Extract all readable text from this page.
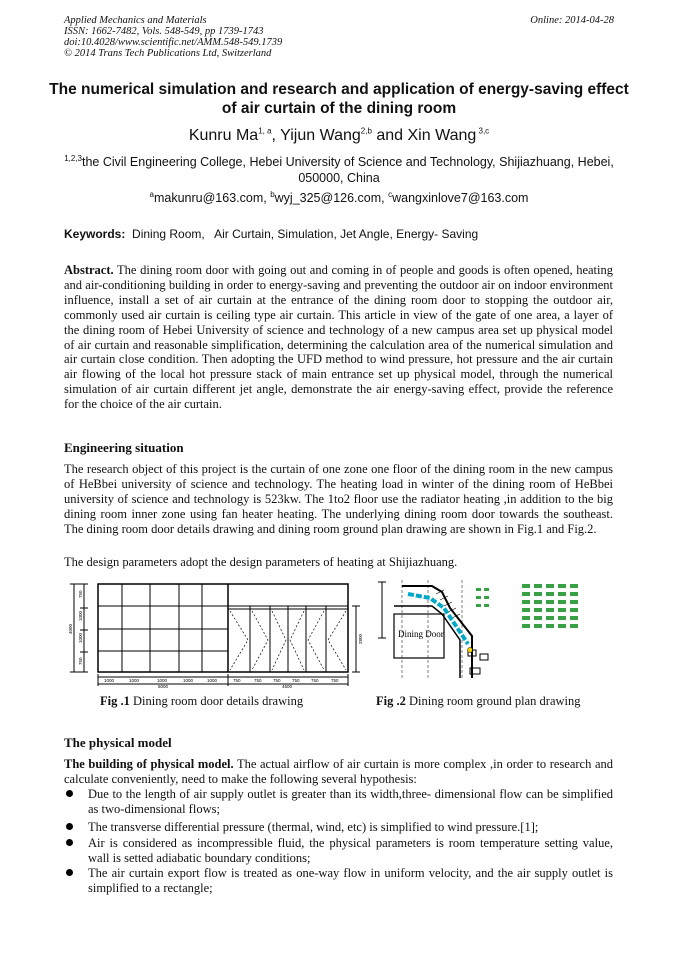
Applied Mechanics and Materials
ISSN: 1662-7482, Vols. 548-549, pp 1739-1743
doi:10.4028/www.scientific.net/AMM.548-549.1739
© 2014 Trans Tech Publications Ltd, Switzerland
Online: 2014-04-28
The numerical simulation and research and application of energy-saving effect of air curtain of the dining room
Kunru Ma$^{1, a}$, Yijun Wang$^{2,b}$ and Xin Wang $^{3,c}$
$^{1,2,3}$the Civil Engineering College, Hebei University of Science and Technology, Shijiazhuang, Hebei, 050000, China
$^a$makunru@163.com, $^b$wyj_325@126.com, $^c$wangxinlove7@163.com
Keywords:  Dining Room,   Air Curtain, Simulation, Jet Angle, Energy- Saving
Abstract. The dining room door with going out and coming in of people and goods is often opened, heating and air-conditioning building in order to energy-saving and preventing the outdoor air on indoor environment influence, install a set of air curtain at the entrance of the dining room door to stopping the outdoor air, commonly used air curtain is ceiling type air curtain. This article in view of the gate of one area, a layer of the dining room of Hebei University of science and technology of a new campus area set up physical model of air curtain and reasonable simplification, determining the calculation area of the numerical simulation and air curtain close condition. Then adopting the UFD method to wind pressure, hot pressure and the air curtain air flowing of the local hot pressure stack of main entrance set up physical model, through the numerical simulation of air curtain different jet angle, demonstrate the air energy-saving effect, provide the reference for the choice of the air curtain.
Engineering situation
The research object of this project is the curtain of one zone one floor of the dining room in the new campus of HeBbei university of science and technology. The heating load in winter of the dining room of HeBbei university of science and technology is 523kw. The 1to2 floor use the radiator heating ,in addition to the big dining room inner zone using fan heater heating. The underlying dining room door towards the southeast. The dining room door details drawing and dining room ground plan drawing are shown in Fig.1 and Fig.2.
The design parameters adopt the design parameters of heating at Shijiazhuang.
1000	1000	1000	1000	1000	750	750	750	750	750	750
5000	4500
750
1000
1000
750
4000
2800	Dining Door
Fig .1 Dining room door details drawing	Fig .2 Dining room ground plan drawing
The physical model
The building of physical model. The actual airflow of air curtain is more complex ,in order to research and calculate conveniently, need to make the following several hypothesis:
Due to the length of air supply outlet is greater than its width,three- dimensional flow can be simplified as two-dimensional flows;
The transverse differential pressure (thermal, wind, etc) is simplified to wind pressure.[1];
Air is considered as incompressible fluid, the physical parameters is room temperature setting value, wall is setted adiabatic boundary conditions;
The air curtain export flow is treated as one-way flow in uniform velocity, and the air supply outlet is simplified to a rectangle;
